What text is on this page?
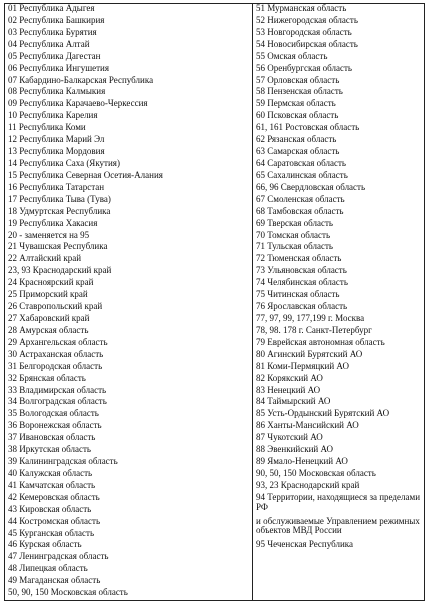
01 Республика Адыгея
02 Республика Башкирия
03 Республика Бурятия
04 Республика Алтай
05 Республика Дагестан
06 Республика Ингушетия
07 Кабардино-Балкарская Республика
08 Республика Калмыкия
09 Республика Карачаево-Черкессия
10 Республика Карелия
11 Республика Коми
12 Республика Марий Эл
13 Республика Мордовия
14 Республика Саха (Якутия)
15 Республика Северная Осетия-Алания
16 Республика Татарстан
17 Республика Тыва (Тува)
18 Удмуртская Республика
19 Республика Хакасия
20 - заменяется на 95
21 Чувашская Республика
22 Алтайский край
23, 93 Краснодарский край
24 Красноярский край
25 Приморский край
26 Ставропольский край
27 Хабаровский край
28 Амурская область
29 Архангельская область
30 Астраханская область
31 Белгородская область
32 Брянская область
33 Владимирская область
34 Волгоградская область
35 Вологодская область
36 Воронежская область
37 Ивановская область
38 Иркутская область
39 Калининградская область
40 Калужская область
41 Камчатская область
42 Кемеровская область
43 Кировская область
44 Костромская область
45 Курганская область
46 Курская область
47 Ленинградская область
48 Липецкая область
49 Магаданская область
50, 90, 150 Московская область

51 Мурманская область
52 Нижегородская область
53 Новгородская область
54 Новосибирская область
55 Омская область
56 Оренбургская область
57 Орловская область
58 Пензенская область
59 Пермская область
60 Псковская область
61, 161 Ростовская область
62 Рязанская область
63 Самарская область
64 Саратовская область
65 Сахалинская область
66, 96 Свердловская область
67 Смоленская область
68 Тамбовская область
69 Тверская область
70 Томская область
71 Тульская область
72 Тюменская область
73 Ульяновская область
74 Челябинская область
75 Читинская область
76 Ярославская область
77, 97, 99, 177,199 г. Москва
78, 98. 178 г. Санкт-Петербург
79 Еврейская автономная область
80 Агинский Бурятский АО
81 Коми-Пермяцкий АО
82 Корякский АО
83 Ненецкий АО
84 Таймырский АО
85 Усть-Ордынский Бурятский АО
86 Ханты-Мансийский АО
87 Чукотский АО
88 Эвенкийский АО
89 Ямало-Ненецкий АО
90, 50, 150 Московская область
93, 23 Краснодарский край
94 Территории, находящиеся за пределами РФ
и обслуживаемые Управлением режимных объектов МВД России
95 Чеченская Республика
